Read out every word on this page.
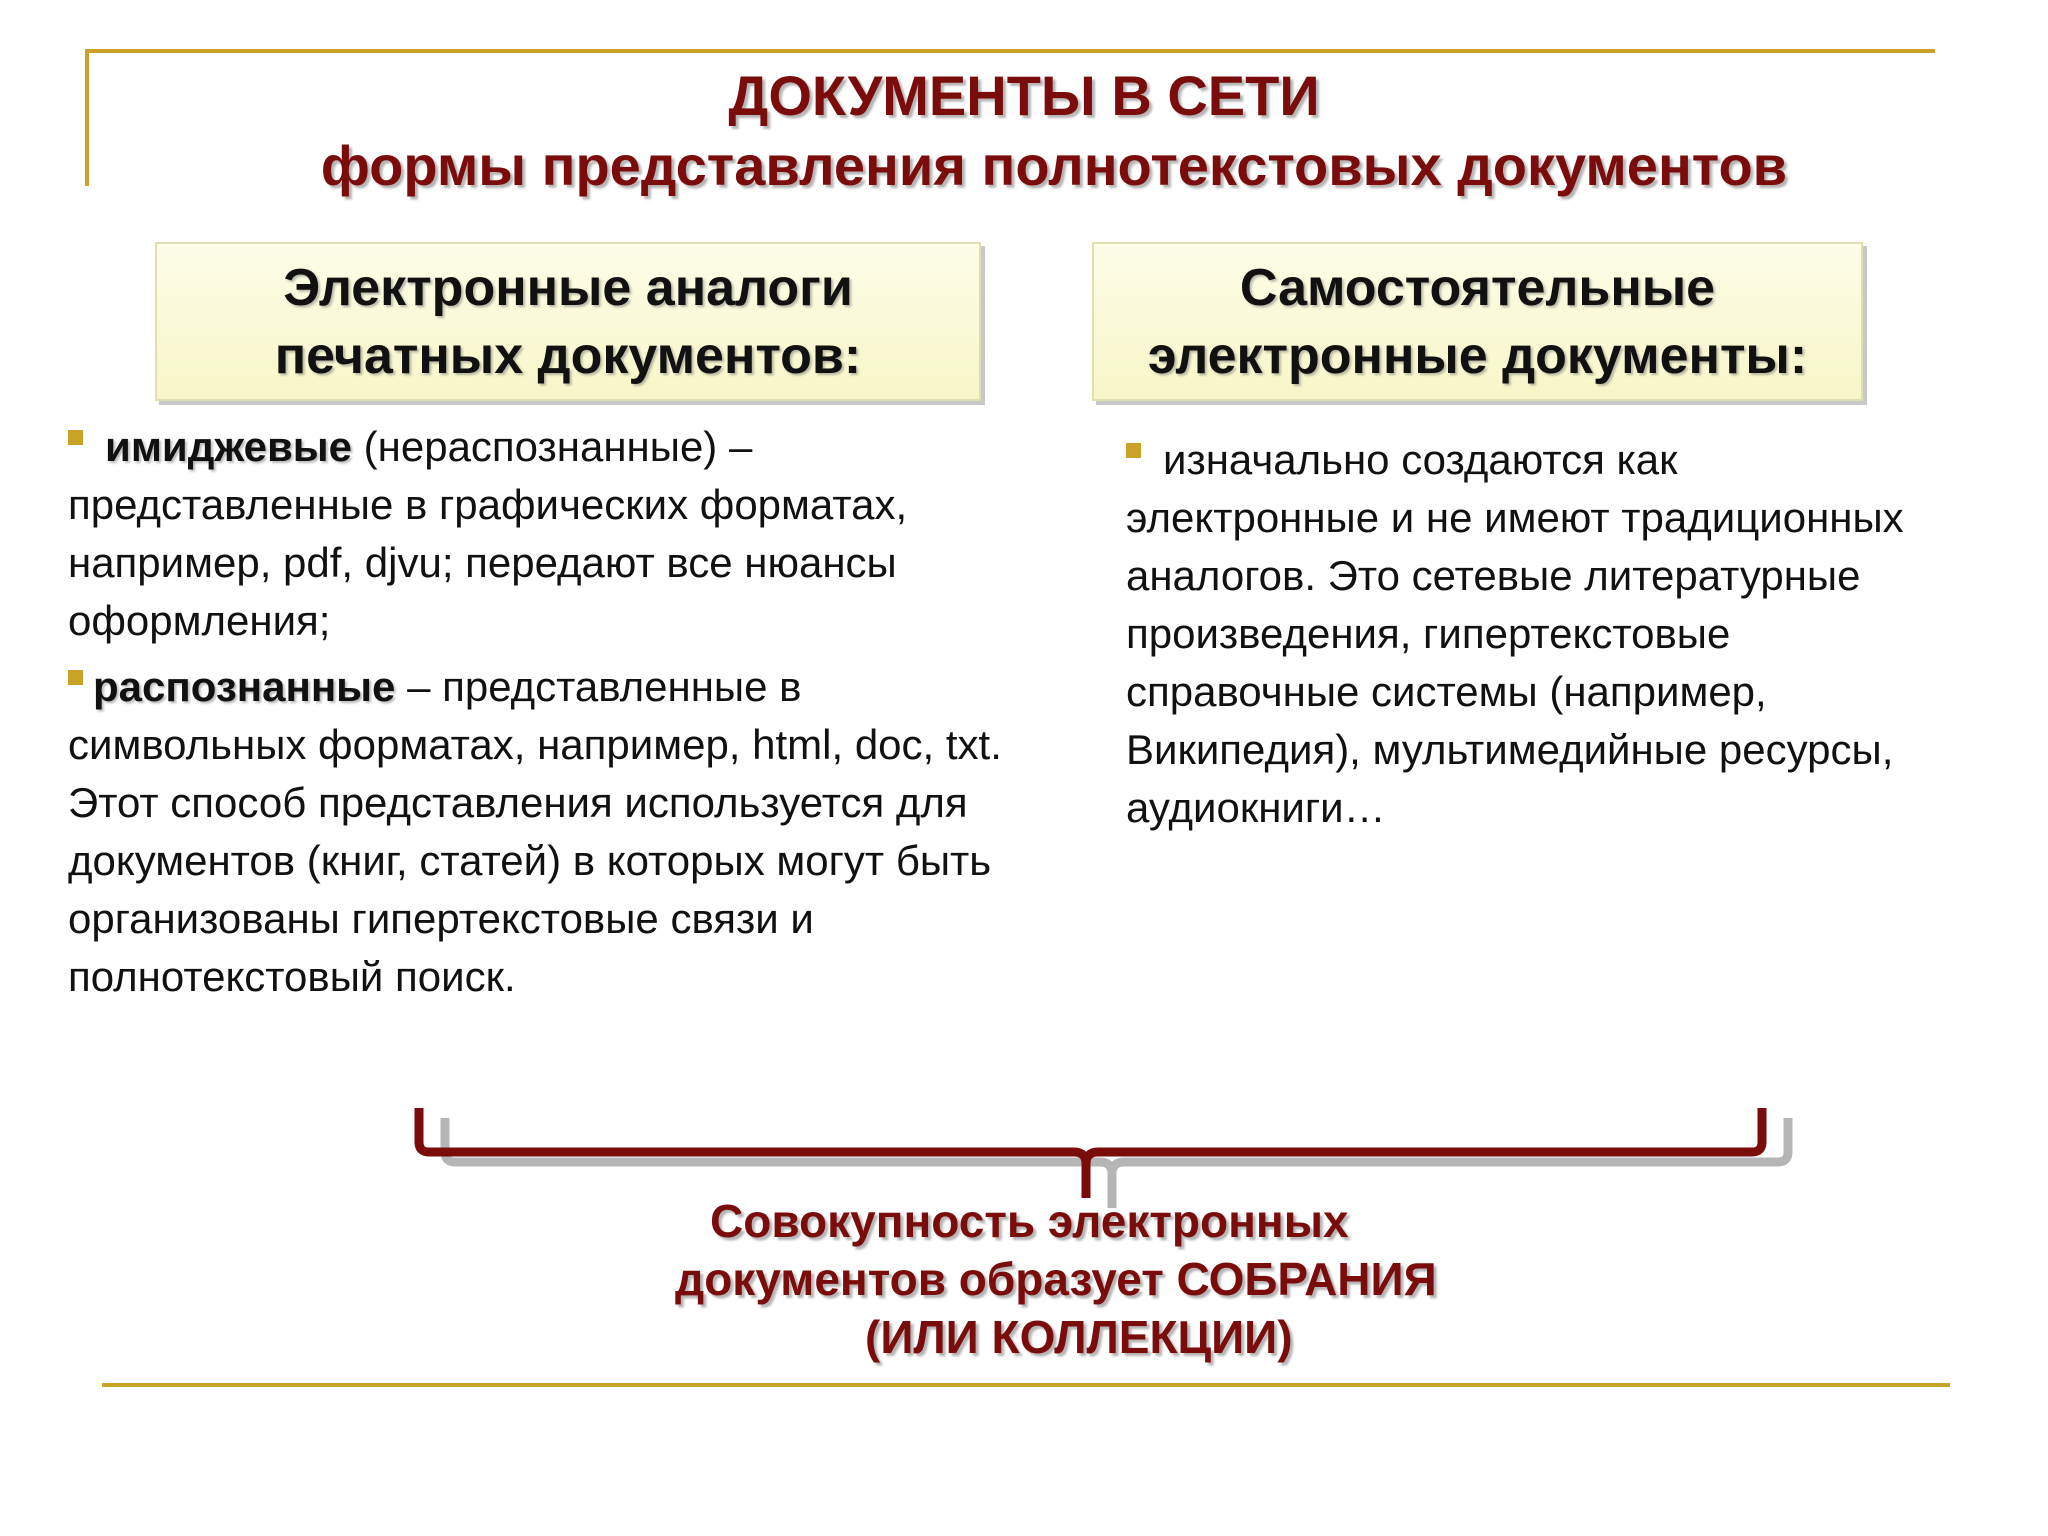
ДОКУМЕНТЫ В СЕТИ
формы представления полнотекстовых документов
Электронные аналоги
печатных документов:
Самостоятельные
электронные документы:

имиджевые (нераспознанные) – представленные в графических форматах, например, pdf, djvu; передают все нюансы оформления;

распознанные – представленные в символьных форматах, например, html, doc, txt. Этот способ представления используется для документов (книг, статей) в которых могут быть организованы гипертекстовые связи и полнотекстовый поиск.

изначально создаются как электронные и не имеют традиционных аналогов. Это сетевые литературные произведения, гипертекстовые справочные системы (например, Википедия), мультимедийные ресурсы, аудиокниги…

Совокупность электронных
документов образует СОБРАНИЯ
(ИЛИ КОЛЛЕКЦИИ)
